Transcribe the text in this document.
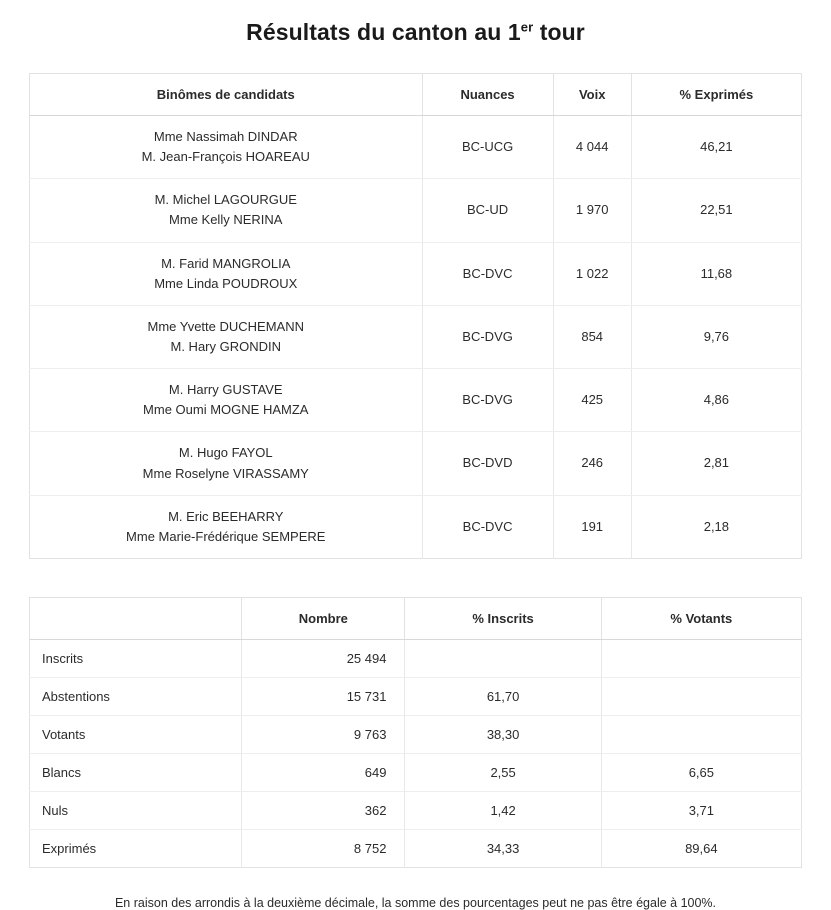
Résultats du canton au 1er tour
Binômes de candidats	Nuances	Voix	% Exprimés

Mme Nassimah DINDAR
M. Jean-François HOAREAU	BC-UCG	4 044	46,21

M. Michel LAGOURGUE
Mme Kelly NERINA	BC-UD	1 970	22,51

M. Farid MANGROLIA
Mme Linda POUDROUX	BC-DVC	1 022	11,68

Mme Yvette DUCHEMANN
M. Hary GRONDIN	BC-DVG	854	9,76

M. Harry GUSTAVE
Mme Oumi MOGNE HAMZA	BC-DVG	425	4,86

M. Hugo FAYOL
Mme Roselyne VIRASSAMY	BC-DVD	246	2,81

M. Eric BEEHARRY
Mme Marie-Frédérique SEMPERE	BC-DVC	191	2,18
	Nombre	% Inscrits	% Votants
Inscrits	25 494		
Abstentions	15 731	61,70	
Votants	9 763	38,30	
Blancs	649	2,55	6,65
Nuls	362	1,42	3,71
Exprimés	8 752	34,33	89,64
En raison des arrondis à la deuxième décimale, la somme des pourcentages peut ne pas être égale à 100%.
